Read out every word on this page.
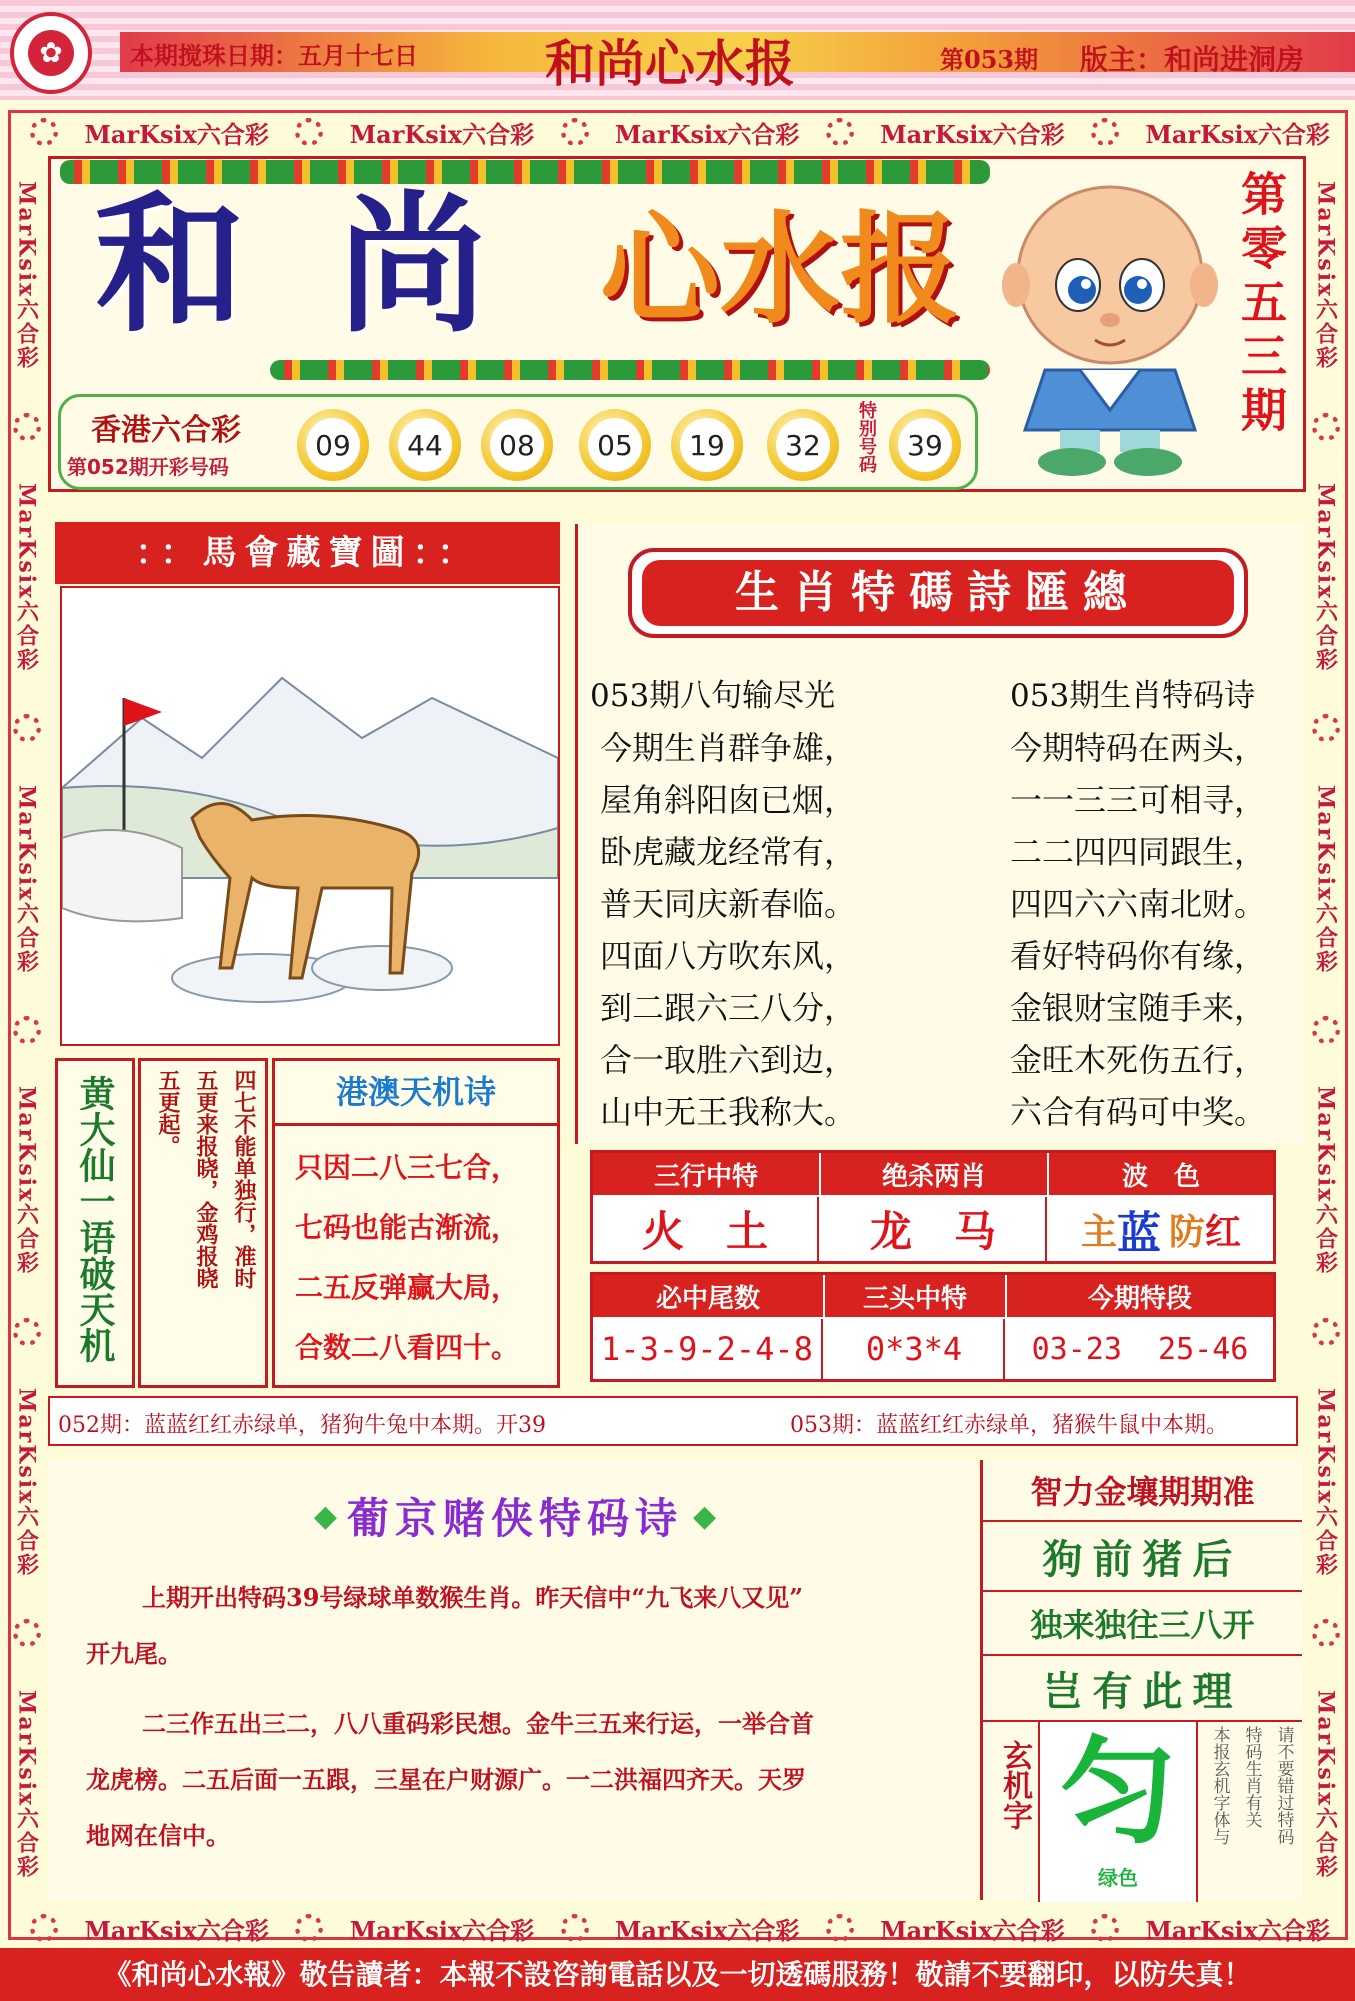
本期搅珠日期：五月十七日	和尚心水报	第053期 版主：和尚进洞房
✿
MarKsix六合彩	MarKsix六合彩	MarKsix六合彩	MarKsix六合彩	MarKsix六合彩
MarKsix六合彩	MarKsix六合彩	MarKsix六合彩	MarKsix六合彩	MarKsix六合彩
MarKsix六合彩
MarKsix六合彩
MarKsix六合彩
MarKsix六合彩
MarKsix六合彩
MarKsix六合彩
MarKsix六合彩
MarKsix六合彩
MarKsix六合彩
MarKsix六合彩
MarKsix六合彩
MarKsix六合彩
和 尚 心水报	第零五三期
香港六合彩
第052期开彩号码
09	44	08	05	19	32	特别号码	39
：：馬會藏寶圖：：
黄大仙一语破天机	四七不能单独行，准时
五更来报晓，金鸡报晓
五更起。	港澳天机诗
只因二八三七合，
七码也能古渐流，
二五反弹赢大局，
合数二八看四十。
生肖特碼詩匯總
053期八句输尽光
今期生肖群争雄，
屋角斜阳囱已烟，
卧虎藏龙经常有，
普天同庆新春临。
四面八方吹东风，
到二跟六三八分，
合一取胜六到边，
山中无王我称大。
053期生肖特码诗
今期特码在两头，
一一三三可相寻，
二二四四同跟生，
四四六六南北财。
看好特码你有缘，
金银财宝随手来，
金旺木死伤五行，
六合有码可中奖。
三行中特	绝杀两肖	波　色
火　土	龙　马	主 蓝 防 红
必中尾数	三头中特	今期特段
1-3-9-2-4-8	0*3*4	03-23  25-46
052期：蓝蓝红红赤绿单，猪狗牛兔中本期。开39	053期：蓝蓝红红赤绿单，猪猴牛鼠中本期。
◆ 葡京赌侠特码诗 ◆
上期开出特码39号绿球单数猴生肖。昨天信中“九飞来八又见”
开九尾。
二三作五出三二，八八重码彩民想。金牛三五来行运，一举合首
龙虎榜。二五后面一五跟，三星在户财源广。一二洪福四齐天。天罗
地网在信中。
智力金壤期期准
狗前猪后
独来独往三八开
岂有此理
玄机字 匀
绿色
请不要错过特码
特码生肖有关
本报玄机字体与
《和尚心水報》敬告讀者：本報不設咨詢電話以及一切透碼服務！敬請不要翻印，以防失真！
